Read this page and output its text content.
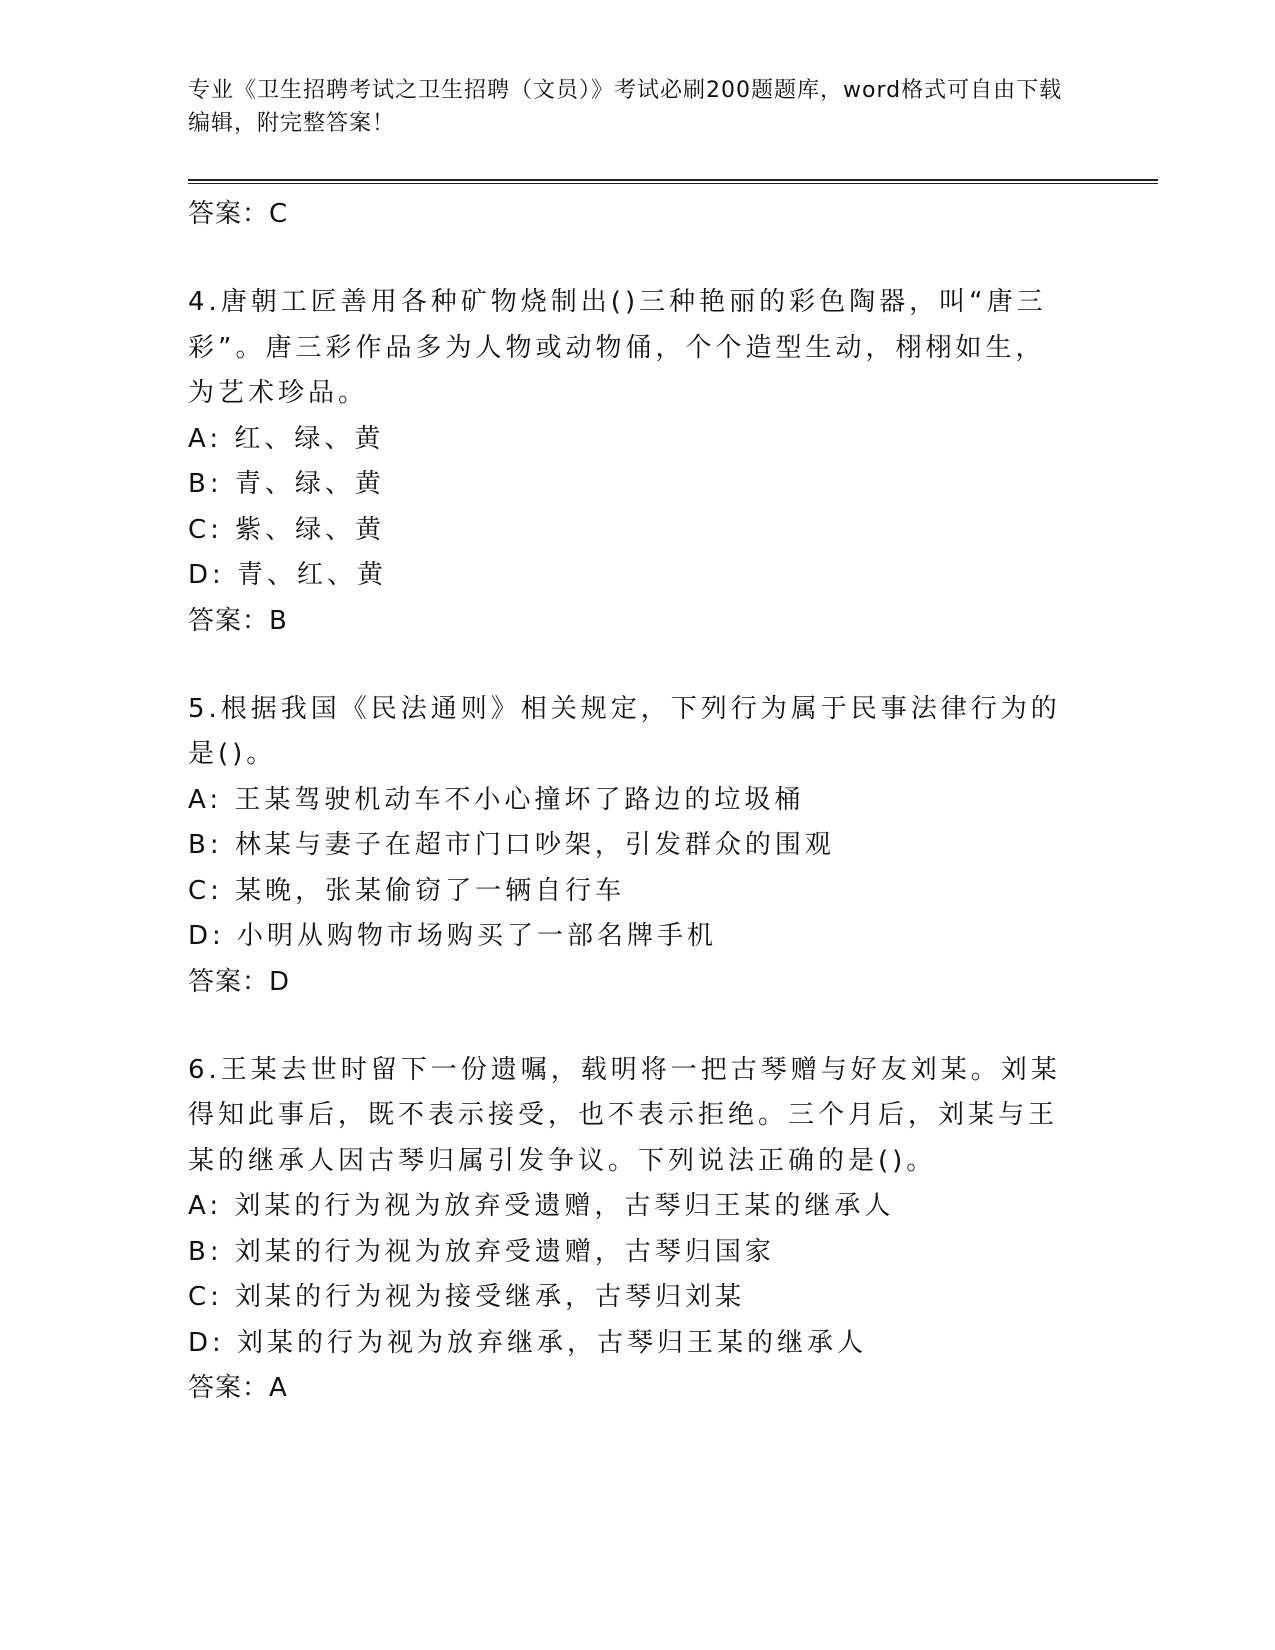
专业《卫生招聘考试之卫生招聘（文员）》考试必刷200题题库，word格式可自由下载编辑，附完整答案！

答案：C

4.唐朝工匠善用各种矿物烧制出()三种艳丽的彩色陶器，叫“唐三彩”。唐三彩作品多为人物或动物俑，个个造型生动，栩栩如生，为艺术珍品。

A: 红、绿、黄

B: 青、绿、黄

C: 紫、绿、黄

D: 青、红、黄

答案：B

5.根据我国《民法通则》相关规定，下列行为属于民事法律行为的是()。

A: 王某驾驶机动车不小心撞坏了路边的垃圾桶

B: 林某与妻子在超市门口吵架，引发群众的围观

C: 某晚，张某偷窃了一辆自行车

D: 小明从购物市场购买了一部名牌手机

答案：D

6.王某去世时留下一份遗嘱，载明将一把古琴赠与好友刘某。刘某得知此事后，既不表示接受，也不表示拒绝。三个月后，刘某与王某的继承人因古琴归属引发争议。下列说法正确的是()。

A: 刘某的行为视为放弃受遗赠，古琴归王某的继承人

B: 刘某的行为视为放弃受遗赠，古琴归国家

C: 刘某的行为视为接受继承，古琴归刘某

D: 刘某的行为视为放弃继承，古琴归王某的继承人

答案：A
